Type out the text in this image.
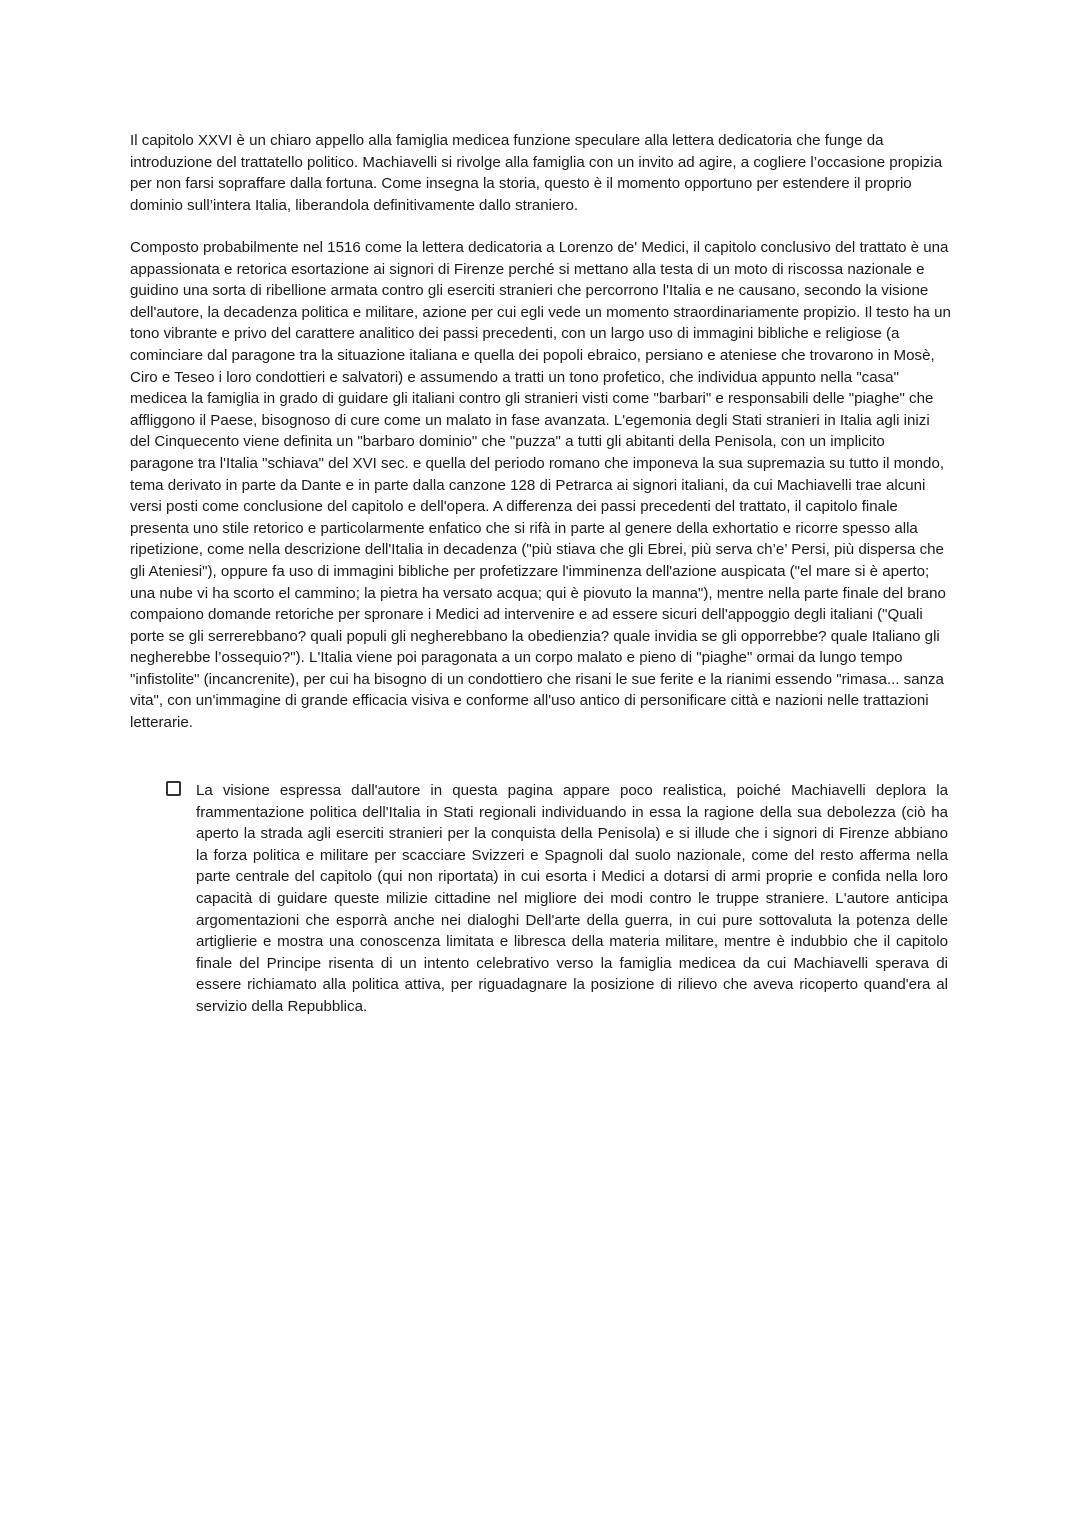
Il capitolo XXVI è un chiaro appello alla famiglia medicea funzione speculare alla lettera dedicatoria che funge da introduzione del trattatello politico. Machiavelli si rivolge alla famiglia con un invito ad agire, a cogliere l’occasione propizia per non farsi sopraffare dalla fortuna. Come insegna la storia, questo è il momento opportuno per estendere il proprio dominio sull’intera Italia, liberandola definitivamente dallo straniero.

Composto probabilmente nel 1516 come la lettera dedicatoria a Lorenzo de' Medici, il capitolo conclusivo del trattato è una appassionata e retorica esortazione ai signori di Firenze perché si mettano alla testa di un moto di riscossa nazionale e guidino una sorta di ribellione armata contro gli eserciti stranieri che percorrono l'Italia e ne causano, secondo la visione dell'autore, la decadenza politica e militare, azione per cui egli vede un momento straordinariamente propizio. Il testo ha un tono vibrante e privo del carattere analitico dei passi precedenti, con un largo uso di immagini bibliche e religiose (a cominciare dal paragone tra la situazione italiana e quella dei popoli ebraico, persiano e ateniese che trovarono in Mosè, Ciro e Teseo i loro condottieri e salvatori) e assumendo a tratti un tono profetico, che individua appunto nella "casa" medicea la famiglia in grado di guidare gli italiani contro gli stranieri visti come "barbari" e responsabili delle "piaghe" che affliggono il Paese, bisognoso di cure come un malato in fase avanzata. L'egemonia degli Stati stranieri in Italia agli inizi del Cinquecento viene definita un "barbaro dominio" che "puzza" a tutti gli abitanti della Penisola, con un implicito paragone tra l'Italia "schiava" del XVI sec. e quella del periodo romano che imponeva la sua supremazia su tutto il mondo, tema derivato in parte da Dante e in parte dalla canzone 128 di Petrarca ai signori italiani, da cui Machiavelli trae alcuni versi posti come conclusione del capitolo e dell'opera. A differenza dei passi precedenti del trattato, il capitolo finale presenta uno stile retorico e particolarmente enfatico che si rifà in parte al genere della exhortatio e ricorre spesso alla ripetizione, come nella descrizione dell'Italia in decadenza ("più stiava che gli Ebrei, più serva ch’e’ Persi, più dispersa che gli Ateniesi"), oppure fa uso di immagini bibliche per profetizzare l'imminenza dell'azione auspicata ("el mare si è aperto; una nube vi ha scorto el cammino; la pietra ha versato acqua; qui è piovuto la manna"), mentre nella parte finale del brano compaiono domande retoriche per spronare i Medici ad intervenire e ad essere sicuri dell'appoggio degli italiani ("Quali porte se gli serrerebbano? quali populi gli negherebbano la obedienzia? quale invidia se gli opporrebbe? quale Italiano gli negherebbe l’ossequio?"). L'Italia viene poi paragonata a un corpo malato e pieno di "piaghe" ormai da lungo tempo "infistolite" (incancrenite), per cui ha bisogno di un condottiero che risani le sue ferite e la rianimi essendo "rimasa... sanza vita", con un'immagine di grande efficacia visiva e conforme all'uso antico di personificare città e nazioni nelle trattazioni letterarie.

La visione espressa dall'autore in questa pagina appare poco realistica, poiché Machiavelli deplora la frammentazione politica dell'Italia in Stati regionali individuando in essa la ragione della sua debolezza (ciò ha aperto la strada agli eserciti stranieri per la conquista della Penisola) e si illude che i signori di Firenze abbiano la forza politica e militare per scacciare Svizzeri e Spagnoli dal suolo nazionale, come del resto afferma nella parte centrale del capitolo (qui non riportata) in cui esorta i Medici a dotarsi di armi proprie e confida nella loro capacità di guidare queste milizie cittadine nel migliore dei modi contro le truppe straniere. L'autore anticipa argomentazioni che esporrà anche nei dialoghi Dell'arte della guerra, in cui pure sottovaluta la potenza delle artiglierie e mostra una conoscenza limitata e libresca della materia militare, mentre è indubbio che il capitolo finale del Principe risenta di un intento celebrativo verso la famiglia medicea da cui Machiavelli sperava di essere richiamato alla politica attiva, per riguadagnare la posizione di rilievo che aveva ricoperto quand'era al servizio della Repubblica.
